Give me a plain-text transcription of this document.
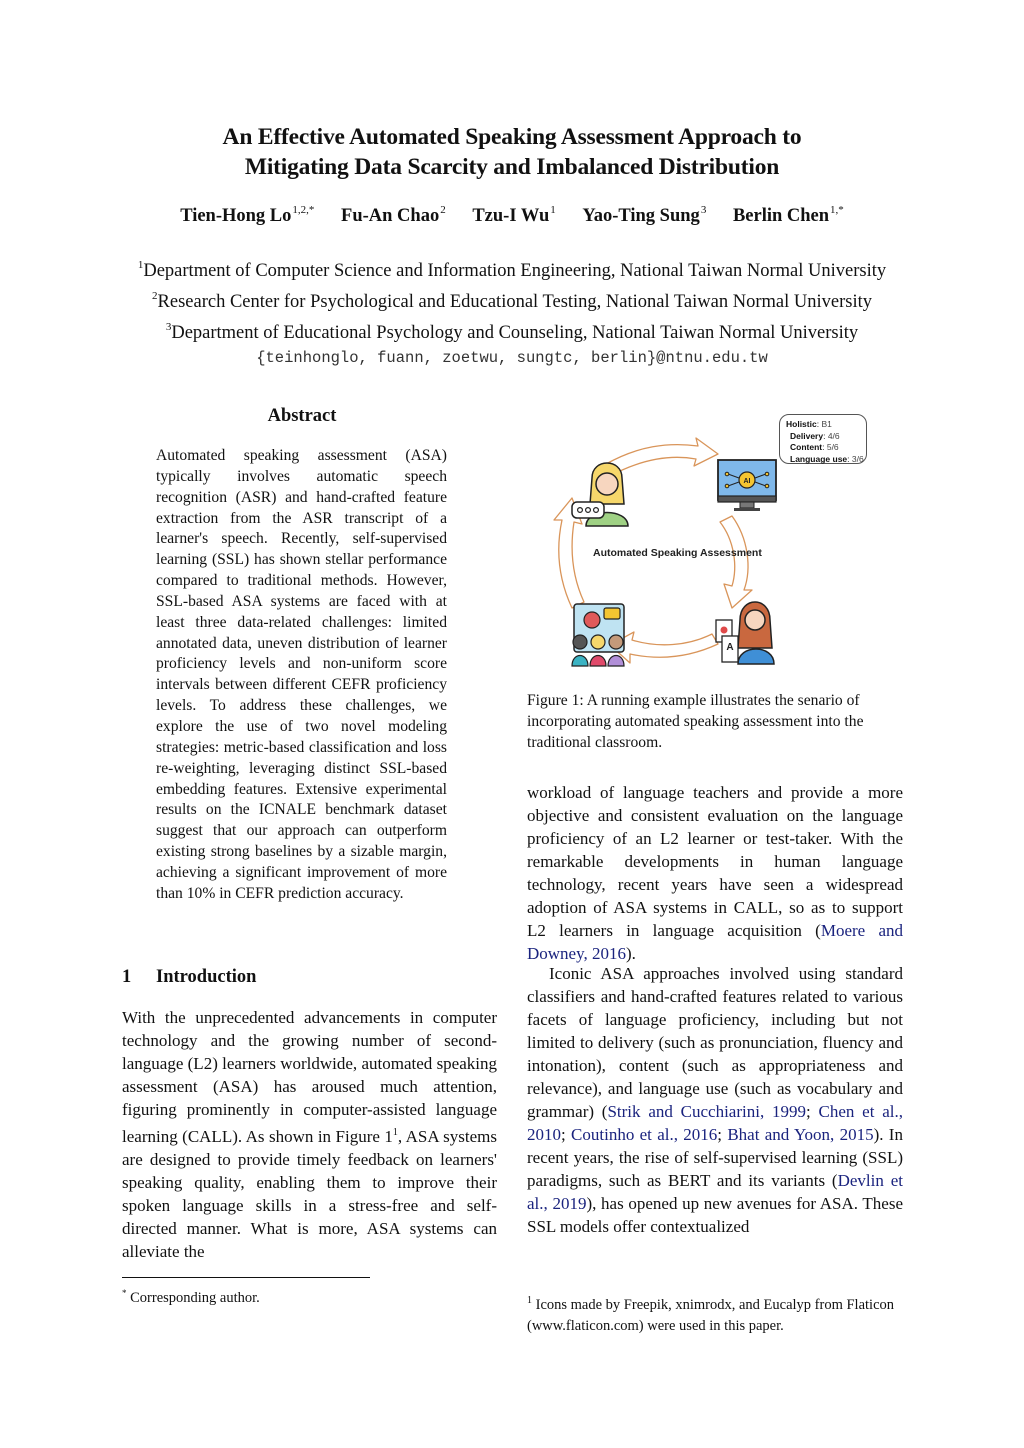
An Effective Automated Speaking Assessment Approach to
Mitigating Data Scarcity and Imbalanced Distribution
Tien-Hong $Lo^{1,2,*}$ Fu-An Chao$^2$ Tzu-I Wu$^1$ Yao-Ting Sung$^3$ Berlin Chen$^{1,*}$
$^1$Department of Computer Science and Information Engineering, National Taiwan Normal University
$^2$Research Center for Psychological and Educational Testing, National Taiwan Normal University
$^3$Department of Educational Psychology and Counseling, National Taiwan Normal University
{teinhonglo, fuann, zoetwu, sungtc, berlin}@ntnu.edu.tw
Abstract
Automated speaking assessment (ASA) typically involves automatic speech recognition (ASR) and hand-crafted feature extraction from the ASR transcript of a learner's speech. Recently, self-supervised learning (SSL) has shown stellar performance compared to traditional methods. However, SSL-based ASA systems are faced with at least three data-related challenges: limited annotated data, uneven distribution of learner proficiency levels and non-uniform score intervals between different CEFR proficiency levels. To address these challenges, we explore the use of two novel modeling strategies: metric-based classification and loss re-weighting, leveraging distinct SSL-based embedding features. Extensive experimental results on the ICNALE benchmark dataset suggest that our approach can outperform existing strong baselines by a sizable margin, achieving a significant improvement of more than 10% in CEFR prediction accuracy.
1 Introduction
With the unprecedented advancements in computer technology and the growing number of second-language (L2) learners worldwide, automated speaking assessment (ASA) has aroused much attention, figuring prominently in computer-assisted language learning (CALL). As shown in Figure $1^1$, ASA systems are designed to provide timely feedback on learners' speaking quality, enabling them to improve their spoken language skills in a stress-free and self-directed manner. What is more, ASA systems can alleviate the
AI
A
Automated Speaking Assessment
Holistic: B1
Delivery: 4/6
Content: 5/6
Language use: 3/6
Figure 1: A running example illustrates the senario of incorporating automated speaking assessment into the traditional classroom.
workload of language teachers and provide a more objective and consistent evaluation on the language proficiency of an L2 learner or test-taker. With the remarkable developments in human language technology, recent years have seen a widespread adoption of ASA systems in CALL, so as to support L2 learners in language acquisition (Moere and Downey, 2016).
Iconic ASA approaches involved using standard classifiers and hand-crafted features related to various facets of language proficiency, including but not limited to delivery (such as pronunciation, fluency and intonation), content (such as appropriateness and relevance), and language use (such as vocabulary and grammar) (Strik and Cucchiarini, 1999; Chen et al., 2010; Coutinho et al., 2016; Bhat and Yoon, 2015). In recent years, the rise of self-supervised learning (SSL) paradigms, such as BERT and its variants (Devlin et al., 2019), has opened up new avenues for ASA. These SSL models offer contextualized
* Corresponding author.	$^1$ Icons made by Freepik, xnimrodx, and Eucalyp from Flaticon (www.flaticon.com) were used in this paper.
